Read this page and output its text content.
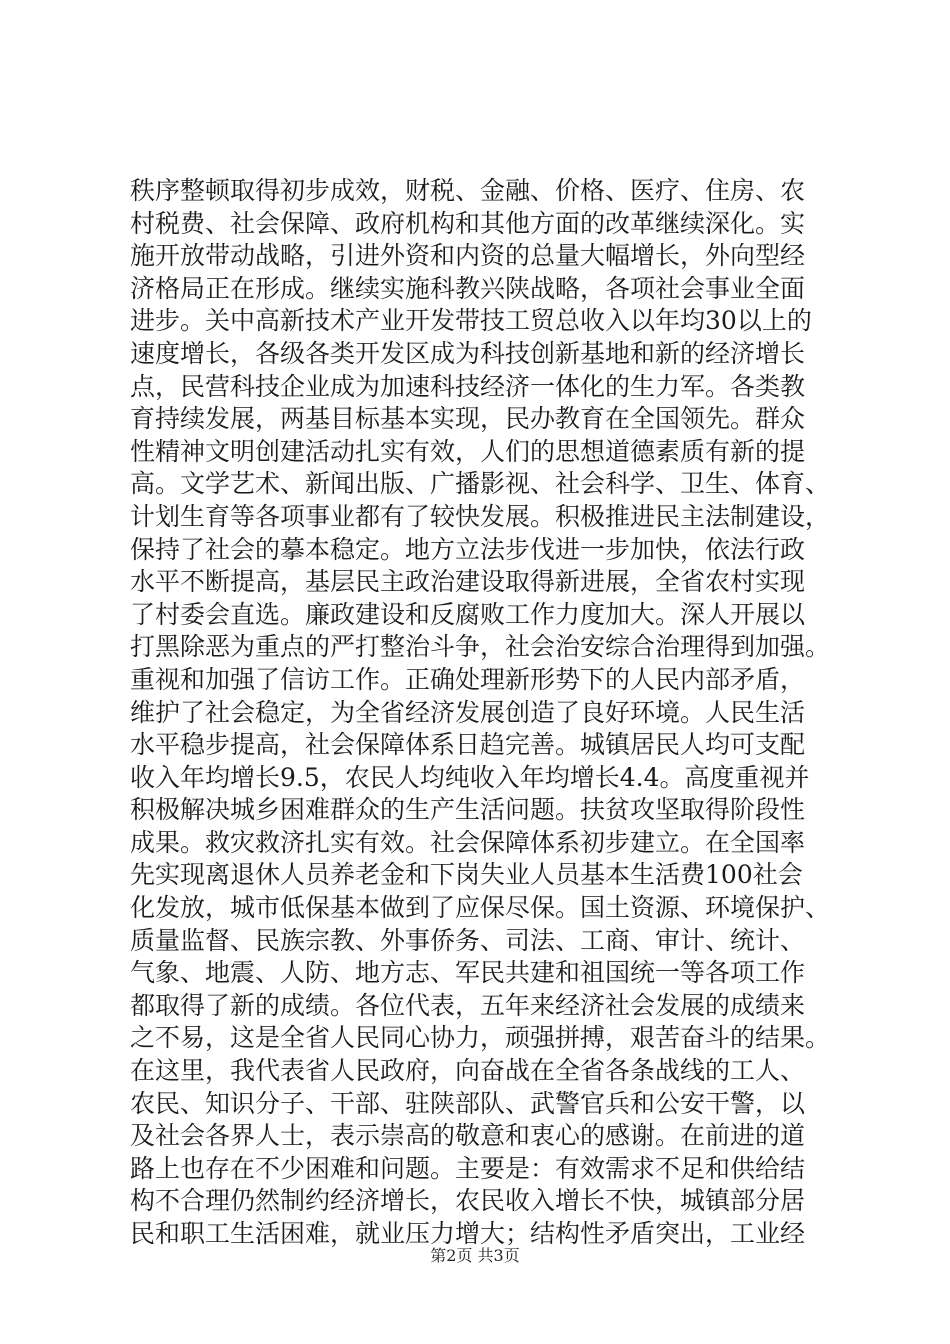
秩序整顿取得初步成效，财税、金融、价格、医疗、住房、农
村税费、社会保障、政府机构和其他方面的改革继续深化。实
施开放带动战略，引进外资和内资的总量大幅增长，外向型经
济格局正在形成。继续实施科教兴陕战略，各项社会事业全面
进步。关中高新技术产业开发带技工贸总收入以年均30以上的
速度增长，各级各类开发区成为科技创新基地和新的经济增长
点，民营科技企业成为加速科技经济一体化的生力军。各类教
育持续发展，两基目标基本实现，民办教育在全国领先。群众
性精神文明创建活动扎实有效，人们的思想道德素质有新的提
高。文学艺术、新闻出版、广播影视、社会科学、卫生、体育、
计划生育等各项事业都有了较快发展。积极推进民主法制建设，
保持了社会的摹本稳定。地方立法步伐进一步加快，依法行政
水平不断提高，基层民主政治建设取得新进展，全省农村实现
了村委会直选。廉政建设和反腐败工作力度加大。深人开展以
打黑除恶为重点的严打整治斗争，社会治安综合治理得到加强。
重视和加强了信访工作。正确处理新形势下的人民内部矛盾，
维护了社会稳定，为全省经济发展创造了良好环境。人民生活
水平稳步提高，社会保障体系日趋完善。城镇居民人均可支配
收入年均增长9.5，农民人均纯收入年均增长4.4。高度重视并
积极解决城乡困难群众的生产生活问题。扶贫攻坚取得阶段性
成果。救灾救济扎实有效。社会保障体系初步建立。在全国率
先实现离退休人员养老金和下岗失业人员基本生活费100社会
化发放，城市低保基本做到了应保尽保。国土资源、环境保护、
质量监督、民族宗教、外事侨务、司法、工商、审计、统计、
气象、地震、人防、地方志、军民共建和祖国统一等各项工作
都取得了新的成绩。各位代表，五年来经济社会发展的成绩来
之不易，这是全省人民同心协力，顽强拼搏，艰苦奋斗的结果。
在这里，我代表省人民政府，向奋战在全省各条战线的工人、
农民、知识分子、干部、驻陕部队、武警官兵和公安干警，以
及社会各界人士，表示崇高的敬意和衷心的感谢。在前进的道
路上也存在不少困难和问题。主要是：有效需求不足和供给结
构不合理仍然制约经济增长，农民收入增长不快，城镇部分居
民和职工生活困难，就业压力增大；结构性矛盾突出，工业经
第2页 共3页
